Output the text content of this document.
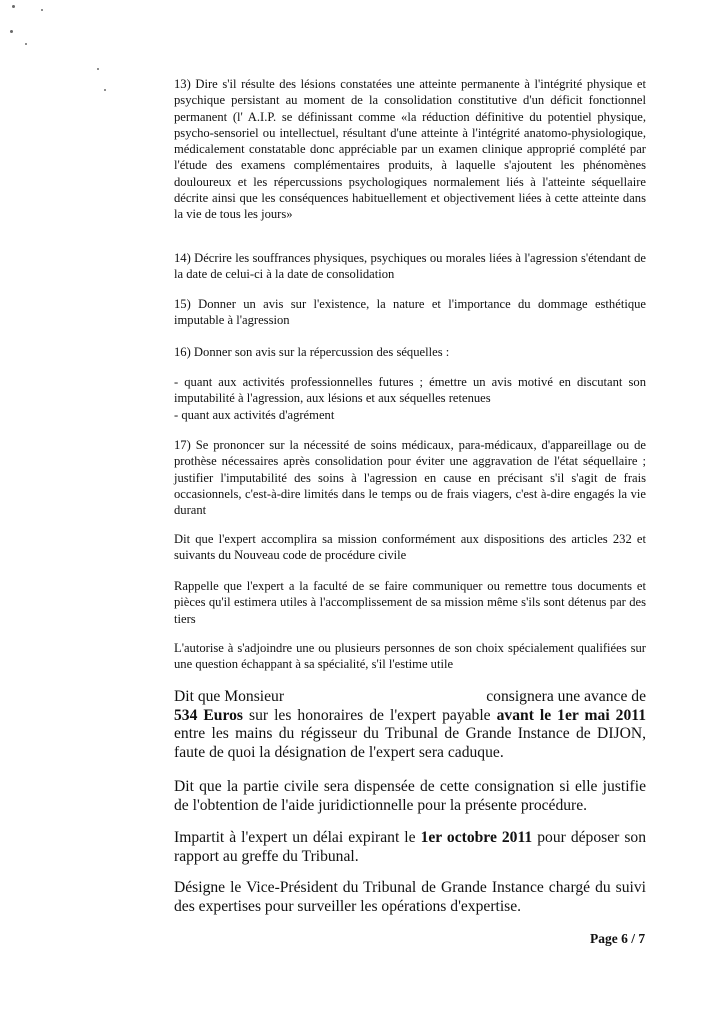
13) Dire s'il résulte des lésions constatées une atteinte permanente à l'intégrité physique et psychique persistant au moment de la consolidation constitutive d'un déficit fonctionnel permanent (l' A.I.P. se définissant comme «la réduction définitive du potentiel physique, psycho-sensoriel ou intellectuel, résultant d'une atteinte à l'intégrité anatomo-physiologique, médicalement constatable donc appréciable par un examen clinique approprié complété par l'étude des examens complémentaires produits, à laquelle s'ajoutent les phénomènes douloureux et les répercussions psychologiques normalement liés à l'atteinte séquellaire décrite ainsi que les conséquences habituellement et objectivement liées à cette atteinte dans la vie de tous les jours»

14) Décrire les souffrances physiques, psychiques ou morales liées à l'agression s'étendant de la date de celui-ci à la date de consolidation

15) Donner un avis sur l'existence, la nature et l'importance du dommage esthétique imputable à l'agression

16) Donner son avis sur la répercussion des séquelles :

- quant aux activités professionnelles futures ; émettre un avis motivé en discutant son imputabilité à l'agression, aux lésions et aux séquelles retenues

- quant aux activités d'agrément

17) Se prononcer sur la nécessité de soins médicaux, para-médicaux, d'appareillage ou de prothèse nécessaires après consolidation pour éviter une aggravation de l'état séquellaire ; justifier l'imputabilité des soins à l'agression en cause en précisant s'il s'agit de frais occasionnels, c'est-à-dire limités dans le temps ou de frais viagers, c'est à-dire engagés la vie durant

Dit que l'expert accomplira sa mission conformément aux dispositions des articles 232 et suivants du Nouveau code de procédure civile

Rappelle que l'expert a la faculté de se faire communiquer ou remettre tous documents et pièces qu'il estimera utiles à l'accomplissement de sa mission même s'ils sont détenus par des tiers

L'autorise à s'adjoindre une ou plusieurs personnes de son choix spécialement qualifiées sur une question échappant à sa spécialité, s'il l'estime utile

Dit que Monsieur	consignera une avance de
534 Euros sur les honoraires de l'expert payable avant le 1er mai 2011 entre les mains du régisseur du Tribunal de Grande Instance de DIJON, faute de quoi la désignation de l'expert sera caduque.

Dit que la partie civile sera dispensée de cette consignation si elle justifie de l'obtention de l'aide juridictionnelle pour la présente procédure.

Impartit à l'expert un délai expirant le 1er octobre 2011 pour déposer son rapport au greffe du Tribunal.

Désigne le Vice-Président du Tribunal de Grande Instance chargé du suivi des expertises pour surveiller les opérations d'expertise.

Page 6 / 7
